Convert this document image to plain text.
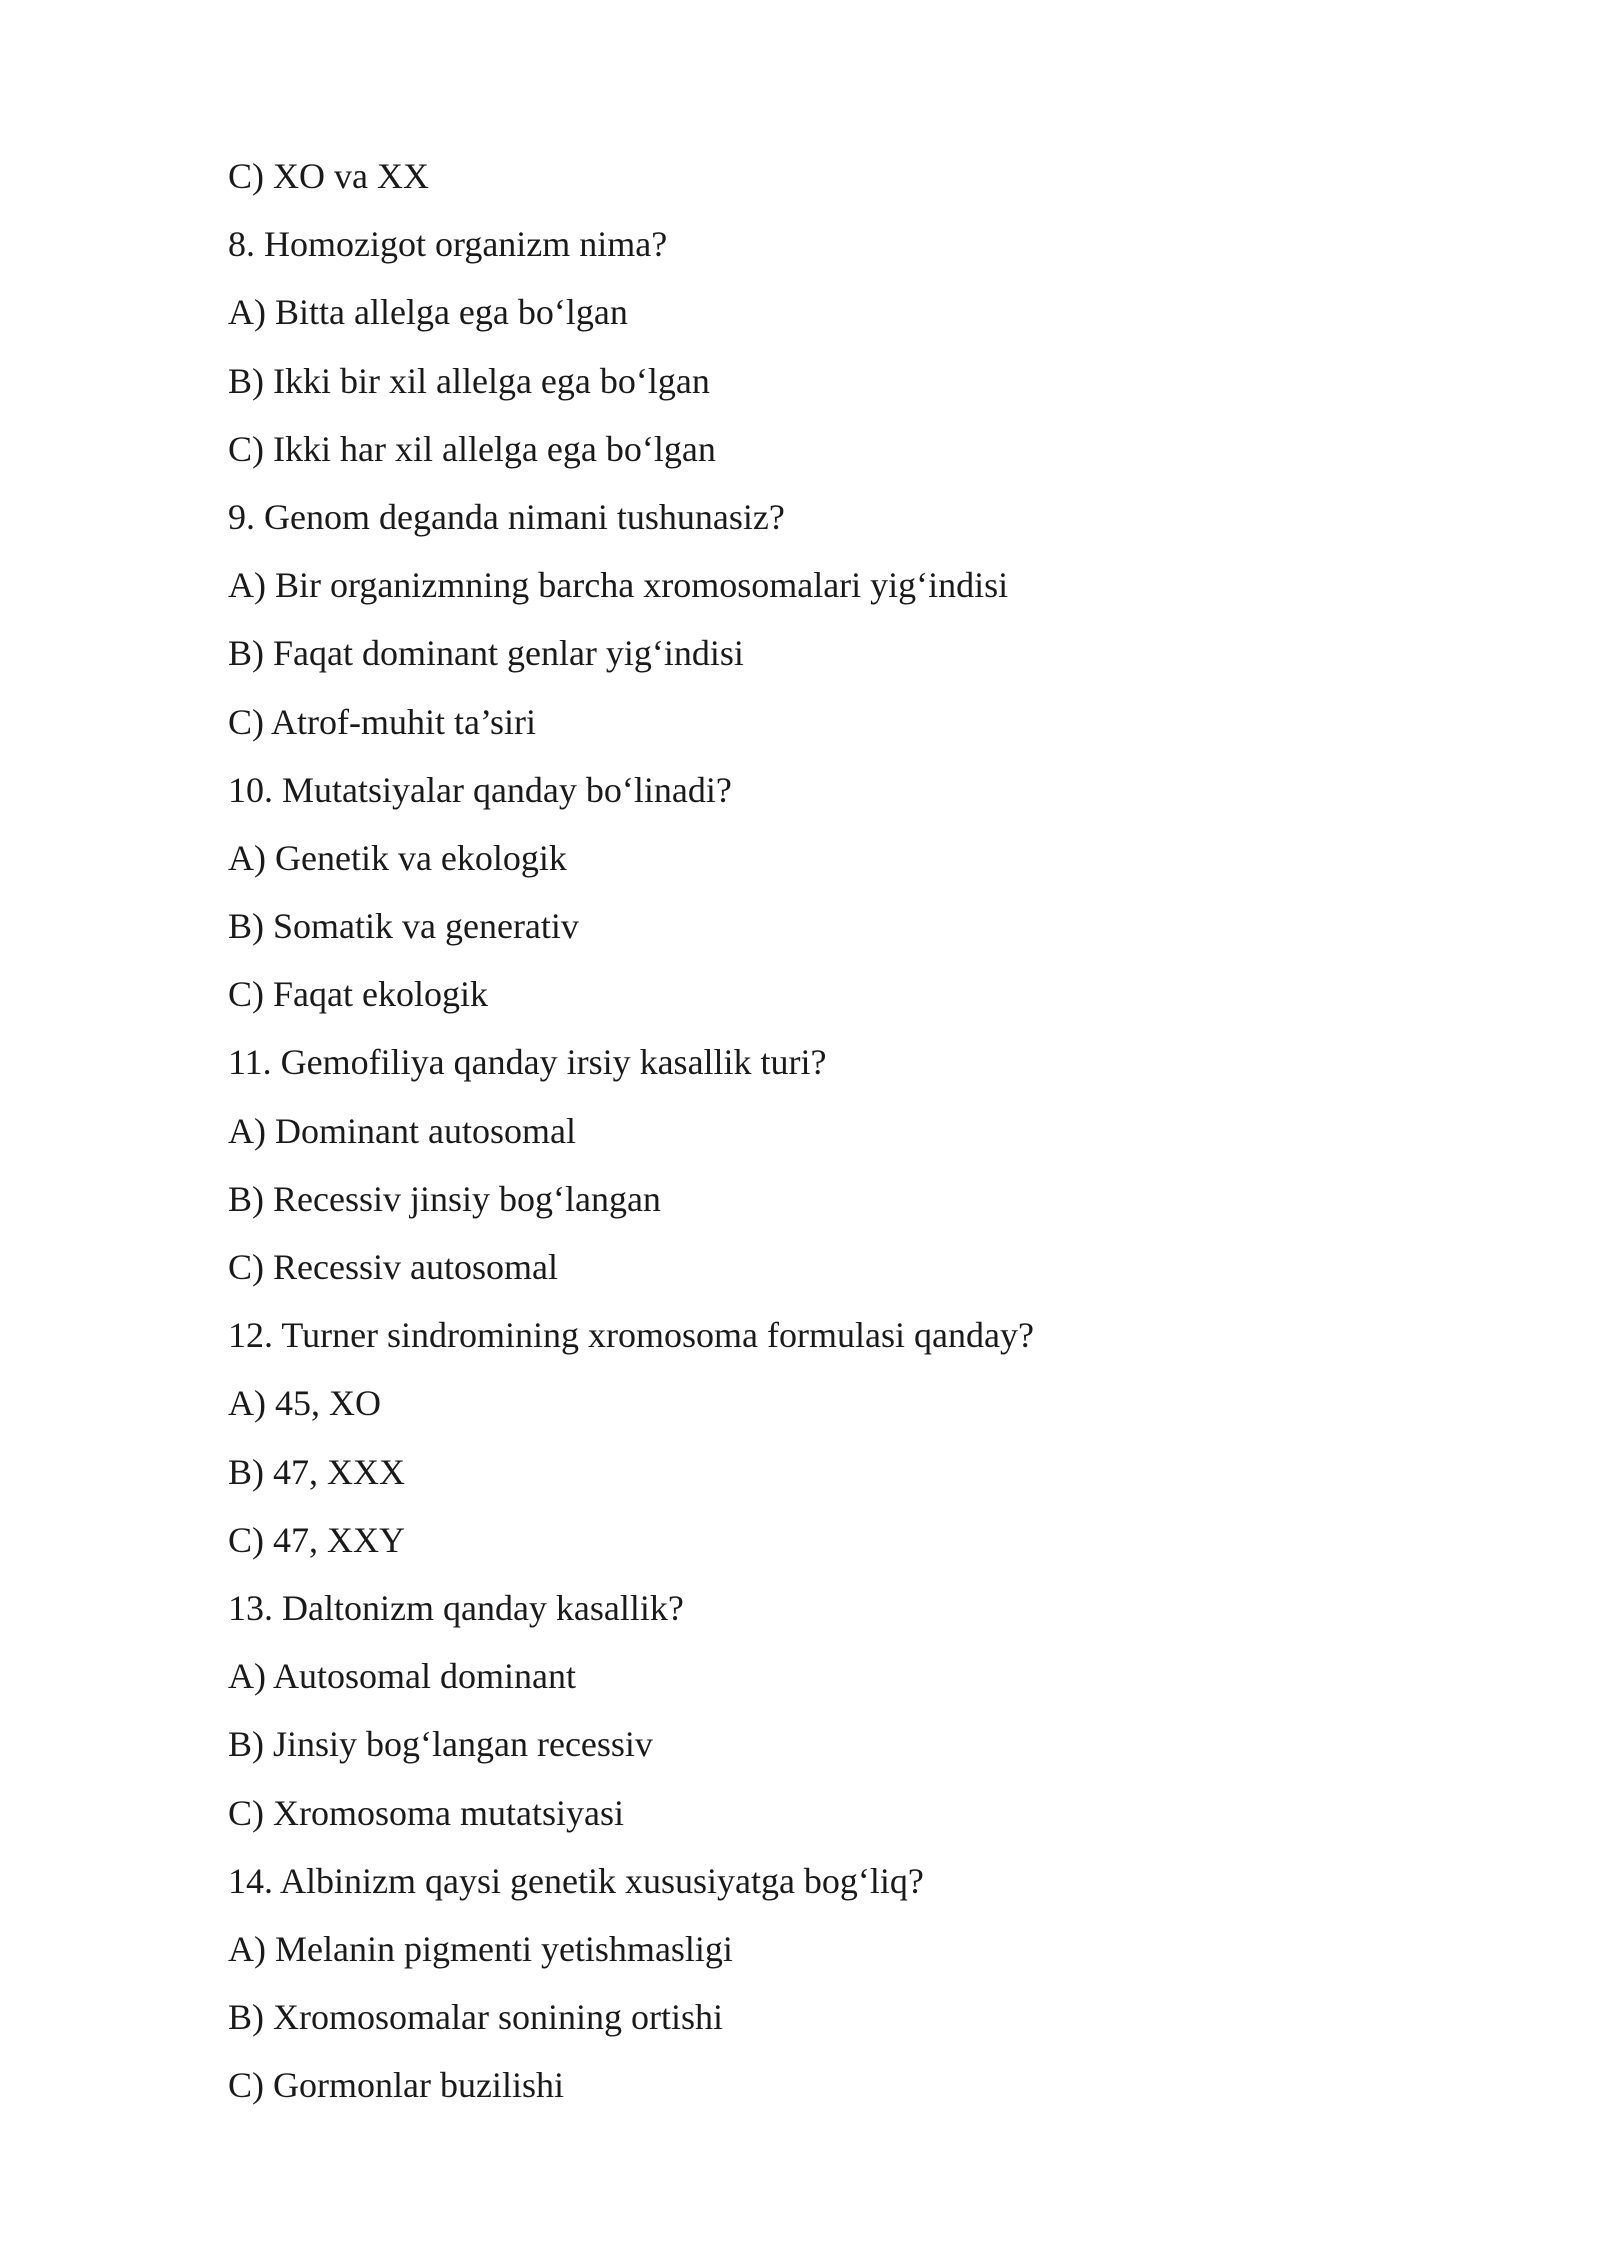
C) XO va XX
8. Homozigot organizm nima?
A) Bitta allelga ega bo‘lgan
B) Ikki bir xil allelga ega bo‘lgan
C) Ikki har xil allelga ega bo‘lgan
9. Genom deganda nimani tushunasiz?
A) Bir organizmning barcha xromosomalari yig‘indisi
B) Faqat dominant genlar yig‘indisi
C) Atrof-muhit ta’siri
10. Mutatsiyalar qanday bo‘linadi?
A) Genetik va ekologik
B) Somatik va generativ
C) Faqat ekologik
11. Gemofiliya qanday irsiy kasallik turi?
A) Dominant autosomal
B) Recessiv jinsiy bog‘langan
C) Recessiv autosomal
12. Turner sindromining xromosoma formulasi qanday?
A) 45, XO
B) 47, XXX
C) 47, XXY
13. Daltonizm qanday kasallik?
A) Autosomal dominant
B) Jinsiy bog‘langan recessiv
C) Xromosoma mutatsiyasi
14. Albinizm qaysi genetik xususiyatga bog‘liq?
A) Melanin pigmenti yetishmasligi
B) Xromosomalar sonining ortishi
C) Gormonlar buzilishi
